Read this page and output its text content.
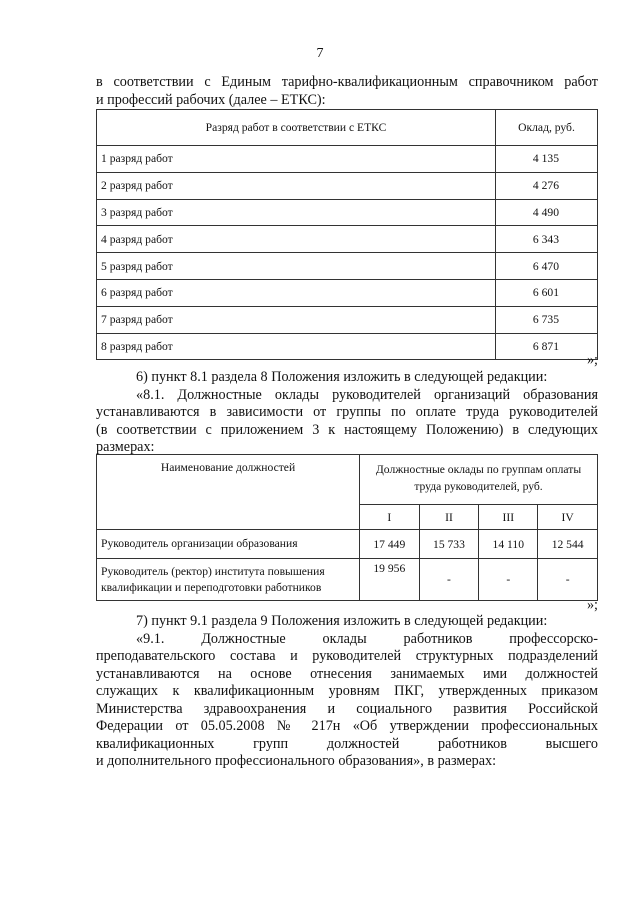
7

в соответствии с Единым тарифно-квалификационным справочником работ

и профессий рабочих (далее – ЕТКС):

Разряд работ в соответствии с ЕТКС	Оклад, руб.
1 разряд работ	4 135
2 разряд работ	4 276
3 разряд работ	4 490
4 разряд работ	6 343
5 разряд работ	6 470
6 разряд работ	6 601
7 разряд работ	6 735
8 разряд работ	6 871

»;

6) пункт 8.1 раздела 8 Положения изложить в следующей редакции:

«8.1. Должностные оклады руководителей организаций образования

устанавливаются в зависимости от группы по оплате труда руководителей

(в соответствии с приложением 3 к настоящему Положению) в следующих

размерах:

Наименование должностей	Должностные оклады по группам оплаты
труда руководителей, руб.			
	I	II	III	IV
Руководитель организации образования	17 449	15 733	14 110	12 544
Руководитель (ректор) института повышения
квалификации и переподготовки работников	19 956	-	-	-

»;

7) пункт 9.1 раздела 9 Положения изложить в следующей редакции:

«9.1. Должностные оклады работников профессорско-

преподавательского состава и руководителей структурных подразделений

устанавливаются на основе отнесения занимаемых ими должностей

служащих к квалификационным уровням ПКГ, утвержденных приказом

Министерства здравоохранения и социального развития Российской

Федерации от 05.05.2008 № 217н «Об утверждении профессиональных

квалификационных групп должностей работников высшего

и дополнительного профессионального образования», в размерах:
